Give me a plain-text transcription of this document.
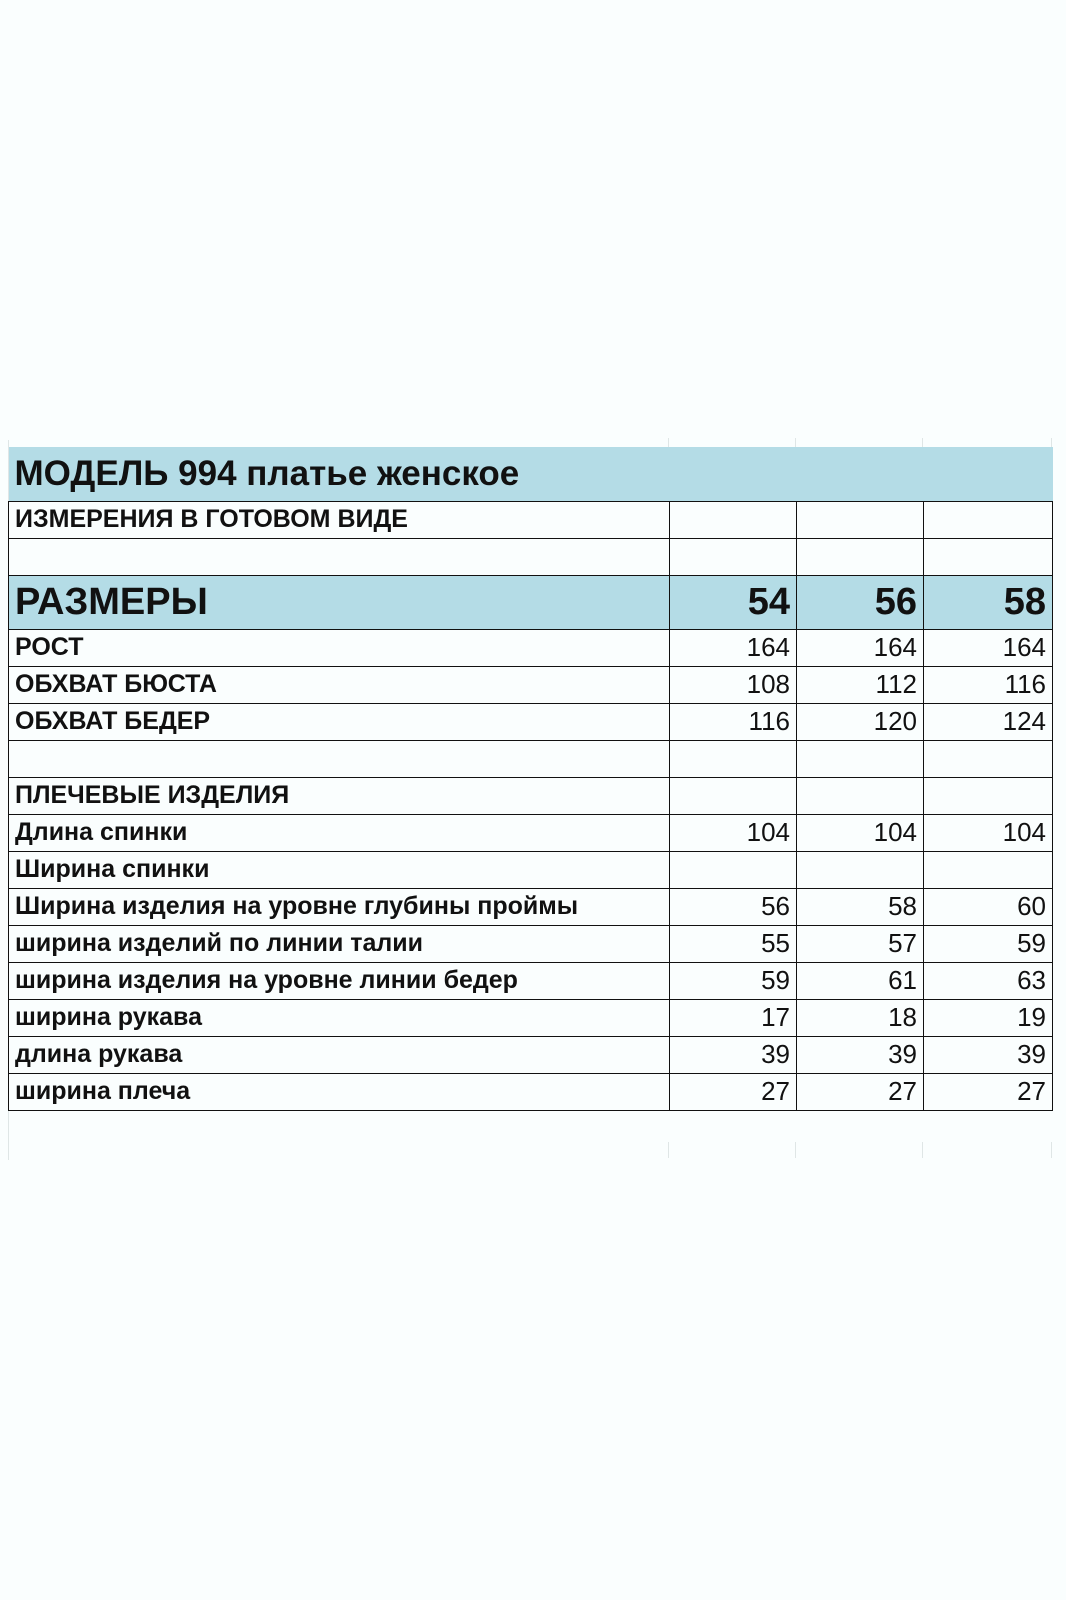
МОДЕЛЬ 994 платье женское			
ИЗМЕРЕНИЯ В ГОТОВОМ ВИДЕ			

РАЗМЕРЫ	54	56	58
РОСТ	164	164	164
ОБХВАТ БЮСТА	108	112	116
ОБХВАТ БЕДЕР	116	120	124

ПЛЕЧЕВЫЕ ИЗДЕЛИЯ			
Длина спинки	104	104	104
Ширина спинки			
Ширина изделия на уровне глубины проймы	56	58	60
ширина изделий по линии талии	55	57	59
ширина изделия на уровне линии бедер	59	61	63
ширина рукава	17	18	19
длина рукава	39	39	39
ширина плеча	27	27	27
